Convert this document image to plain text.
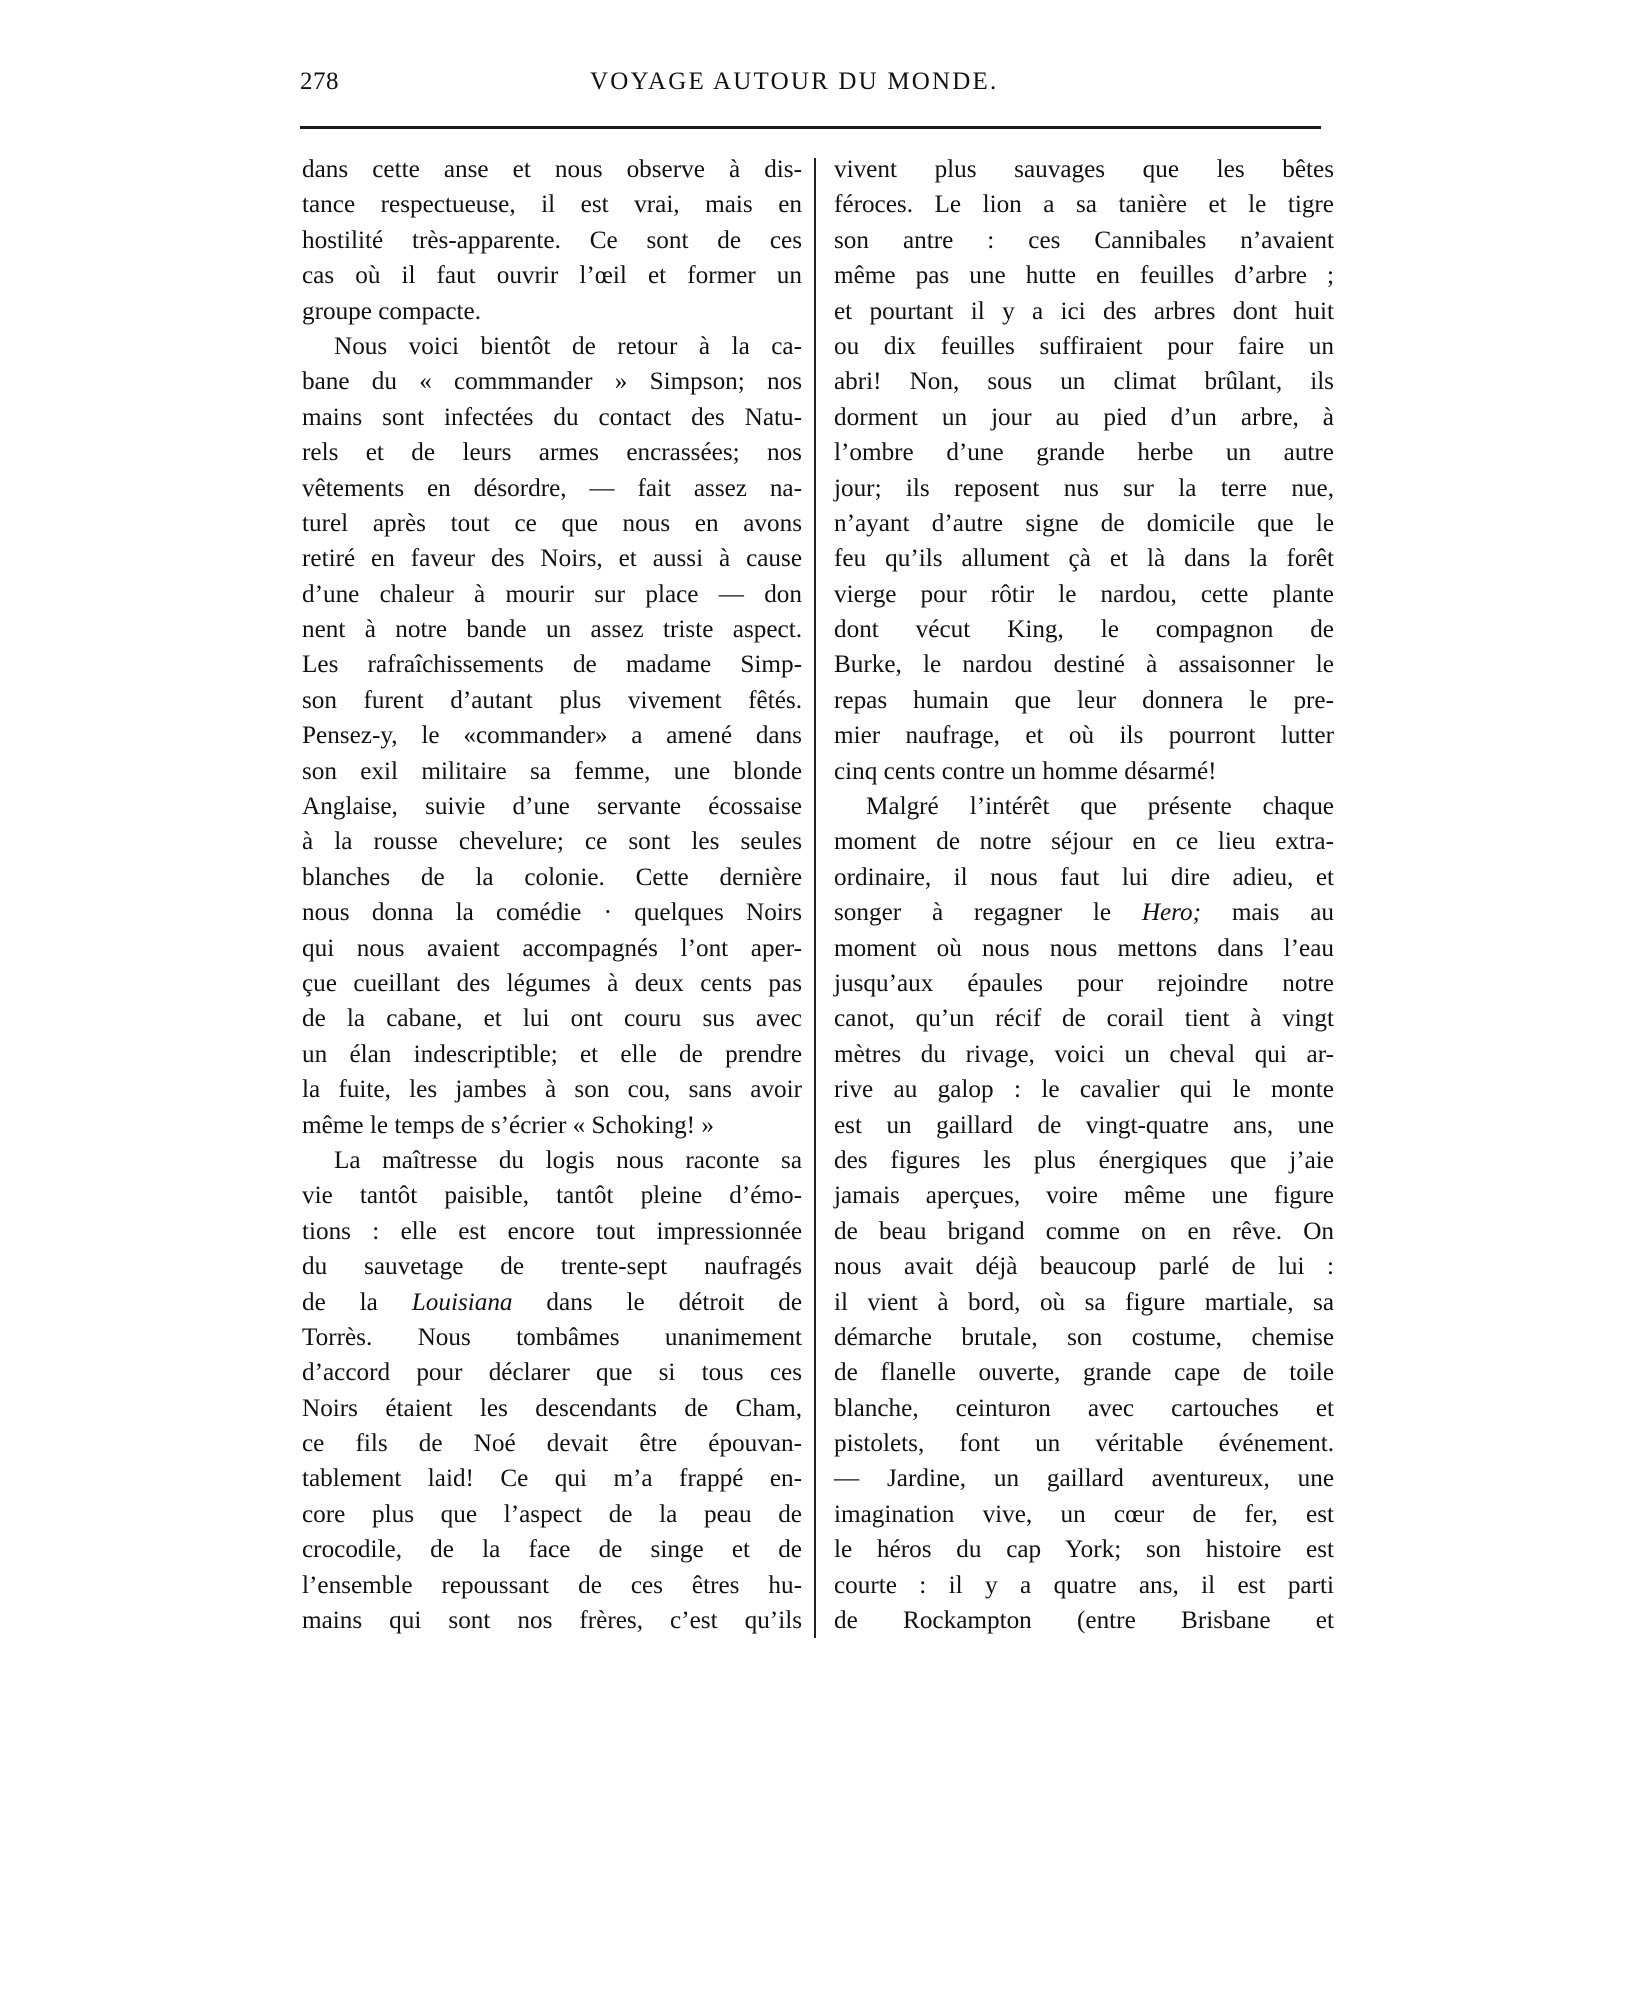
278	VOYAGE AUTOUR DU MONDE.
dans cette anse et nous observe à dis-
tance respectueuse, il est vrai, mais en
hostilité très-apparente. Ce sont de ces
cas où il faut ouvrir l’œil et former un
groupe compacte.
Nous voici bientôt de retour à la ca-
bane du « commmander » Simpson; nos
mains sont infectées du contact des Natu-
rels et de leurs armes encrassées; nos
vêtements en désordre, — fait assez na-
turel après tout ce que nous en avons
retiré en faveur des Noirs, et aussi à cause
d’une chaleur à mourir sur place — don
nent à notre bande un assez triste aspect.
Les rafraîchissements de madame Simp-
son furent d’autant plus vivement fêtés.
Pensez-y, le «commander» a amené dans
son exil militaire sa femme, une blonde
Anglaise, suivie d’une servante écossaise
à la rousse chevelure; ce sont les seules
blanches de la colonie. Cette dernière
nous donna la comédie · quelques Noirs
qui nous avaient accompagnés l’ont aper-
çue cueillant des légumes à deux cents pas
de la cabane, et lui ont couru sus avec
un élan indescriptible; et elle de prendre
la fuite, les jambes à son cou, sans avoir
même le temps de s’écrier « Schoking! »
La maîtresse du logis nous raconte sa
vie tantôt paisible, tantôt pleine d’émo-
tions : elle est encore tout impressionnée
du sauvetage de trente-sept naufragés
de la Louisiana dans le détroit de
Torrès. Nous tombâmes unanimement
d’accord pour déclarer que si tous ces
Noirs étaient les descendants de Cham,
ce fils de Noé devait être épouvan-
tablement laid! Ce qui m’a frappé en-
core plus que l’aspect de la peau de
crocodile, de la face de singe et de
l’ensemble repoussant de ces êtres hu-
mains qui sont nos frères, c’est qu’ils
vivent plus sauvages que les bêtes
féroces. Le lion a sa tanière et le tigre
son antre : ces Cannibales n’avaient
même pas une hutte en feuilles d’arbre ;
et pourtant il y a ici des arbres dont huit
ou dix feuilles suffiraient pour faire un
abri! Non, sous un climat brûlant, ils
dorment un jour au pied d’un arbre, à
l’ombre d’une grande herbe un autre
jour; ils reposent nus sur la terre nue,
n’ayant d’autre signe de domicile que le
feu qu’ils allument çà et là dans la forêt
vierge pour rôtir le nardou, cette plante
dont vécut King, le compagnon de
Burke, le nardou destiné à assaisonner le
repas humain que leur donnera le pre-
mier naufrage, et où ils pourront lutter
cinq cents contre un homme désarmé!
Malgré l’intérêt que présente chaque
moment de notre séjour en ce lieu extra-
ordinaire, il nous faut lui dire adieu, et
songer à regagner le Hero; mais au
moment où nous nous mettons dans l’eau
jusqu’aux épaules pour rejoindre notre
canot, qu’un récif de corail tient à vingt
mètres du rivage, voici un cheval qui ar-
rive au galop : le cavalier qui le monte
est un gaillard de vingt-quatre ans, une
des figures les plus énergiques que j’aie
jamais aperçues, voire même une figure
de beau brigand comme on en rêve. On
nous avait déjà beaucoup parlé de lui :
il vient à bord, où sa figure martiale, sa
démarche brutale, son costume, chemise
de flanelle ouverte, grande cape de toile
blanche, ceinturon avec cartouches et
pistolets, font un véritable événement.
— Jardine, un gaillard aventureux, une
imagination vive, un cœur de fer, est
le héros du cap York; son histoire est
courte : il y a quatre ans, il est parti
de Rockampton (entre Brisbane et
